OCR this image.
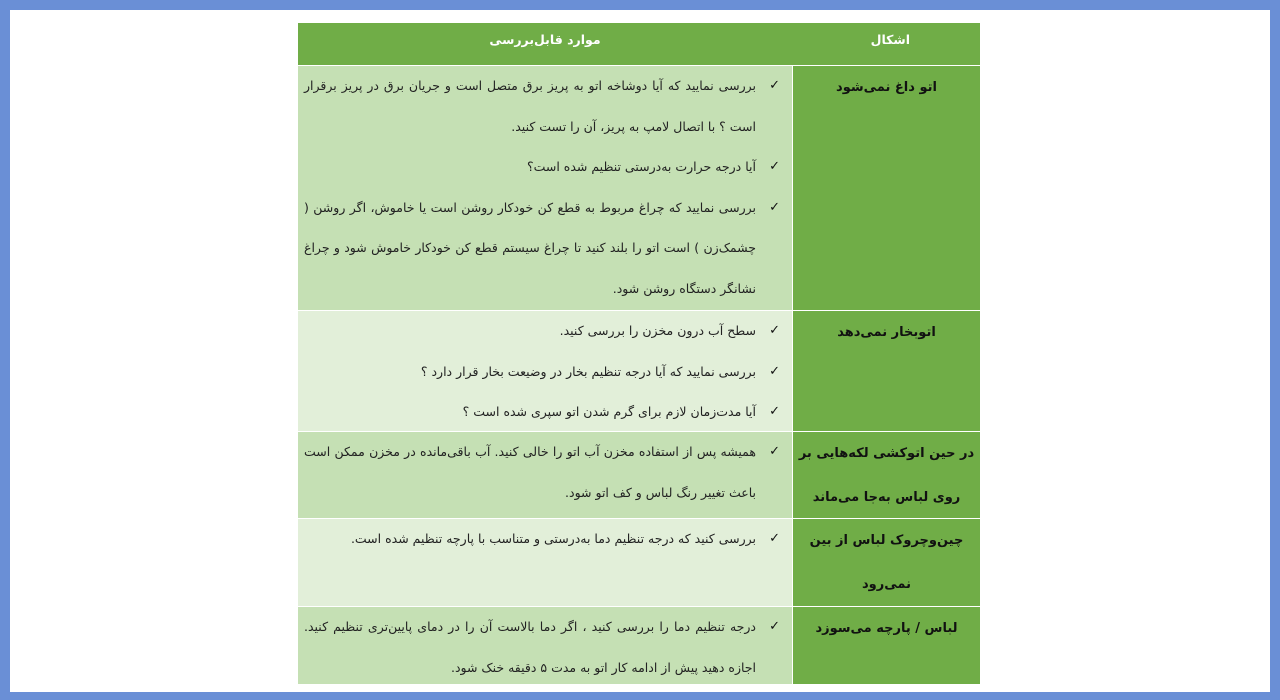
اشکال
موارد قابل‌بررسی
اتو داغ نمی‌شود
✓
بررسی نمایید که آیا دوشاخه اتو به پریز برق متصل است و جریان برق در پریز برقرار است ؟ با اتصال لامپ به پریز، آن را تست کنید.
✓
آیا درجه حرارت به‌درستی تنظیم شده است؟
✓
بررسی نمایید که چراغ مربوط به قطع کن خودکار روشن است یا خاموش، اگر روشن ( چشمک‌زن ) است اتو را بلند کنید تا چراغ سیستم قطع کن خودکار خاموش شود و چراغ نشانگر دستگاه روشن شود.
اتوبخار نمی‌دهد
✓
سطح آب درون مخزن را بررسی کنید.
✓
بررسی نمایید که آیا درجه تنظیم بخار در وضیعت بخار قرار دارد ؟
✓
آیا مدت‌زمان لازم برای گرم شدن اتو سپری شده است ؟
در حین اتوکشی لکه‌هایی بر روی لباس به‌جا می‌ماند
✓
همیشه پس از استفاده مخزن آب اتو را خالی کنید. آب باقی‌مانده در مخزن ممکن است باعث تغییر رنگ لباس و کف اتو شود.
چین‌وچروک لباس از بین نمی‌رود
✓
بررسی کنید که درجه تنظیم دما به‌درستی و متناسب با پارچه تنظیم شده است.
لباس / پارچه می‌سوزد
✓
درجه تنظیم دما را بررسی کنید ، اگر دما بالاست آن را در دمای پایین‌تری تنظیم کنید. اجازه دهید پیش از ادامه کار اتو به مدت ۵ دقیقه خنک شود.
